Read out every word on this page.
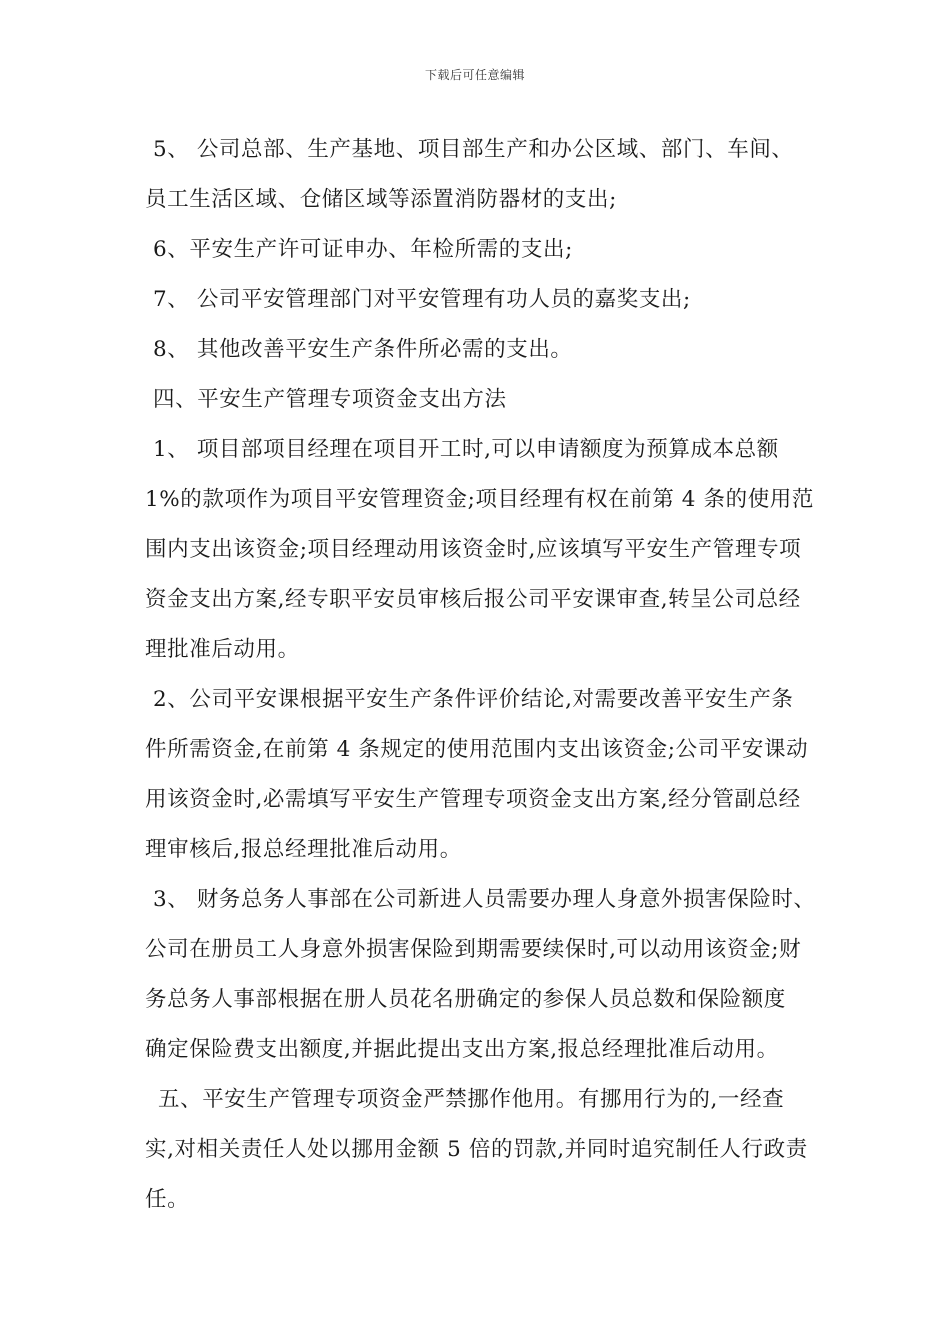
下载后可任意编辑
5、 公司总部、生产基地、项目部生产和办公区域、部门、车间、
员工生活区域、仓储区域等添置消防器材的支出;
6、平安生产许可证申办、年检所需的支出;
7、 公司平安管理部门对平安管理有功人员的嘉奖支出;
8、 其他改善平安生产条件所必需的支出。
四、平安生产管理专项资金支出方法
1、 项目部项目经理在项目开工时,可以申请额度为预算成本总额
1%的款项作为项目平安管理资金;项目经理有权在前第 4 条的使用范
围内支出该资金;项目经理动用该资金时,应该填写平安生产管理专项
资金支出方案,经专职平安员审核后报公司平安课审查,转呈公司总经
理批准后动用。
2、公司平安课根据平安生产条件评价结论,对需要改善平安生产条
件所需资金,在前第 4 条规定的使用范围内支出该资金;公司平安课动
用该资金时,必需填写平安生产管理专项资金支出方案,经分管副总经
理审核后,报总经理批准后动用。
3、 财务总务人事部在公司新进人员需要办理人身意外损害保险时、
公司在册员工人身意外损害保险到期需要续保时,可以动用该资金;财
务总务人事部根据在册人员花名册确定的参保人员总数和保险额度
确定保险费支出额度,并据此提出支出方案,报总经理批准后动用。
五、平安生产管理专项资金严禁挪作他用。有挪用行为的,一经查
实,对相关责任人处以挪用金额 5 倍的罚款,并同时追究制任人行政责
任。
